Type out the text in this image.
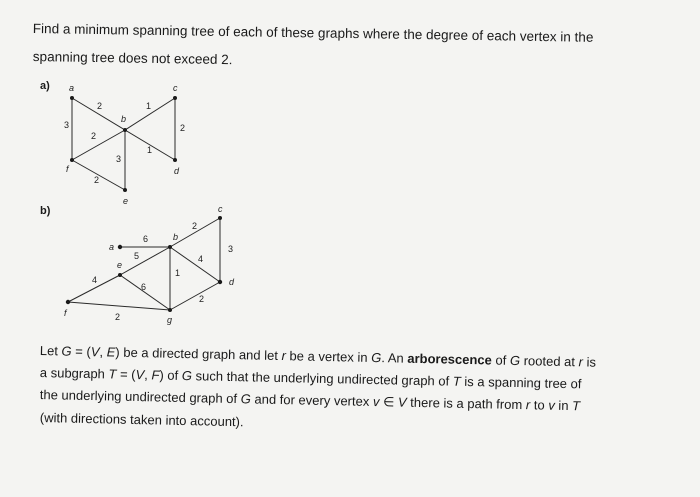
Find a minimum spanning tree of each of these graphs where the degree of each vertex in the
spanning tree does not exceed 2.
a)
b)
a
b
c
d
e
f
2	1
3	2
2
3
1
2
a
b
c
d
e
f
g
6
2
5	4
3
4
6
1
2
2
Let G = (V, E) be a directed graph and let r be a vertex in G. An arborescence of G rooted at r is
a subgraph T = (V, F) of G such that the underlying undirected graph of T is a spanning tree of
the underlying undirected graph of G and for every vertex v ∈ V there is a path from r to v in T
(with directions taken into account).
